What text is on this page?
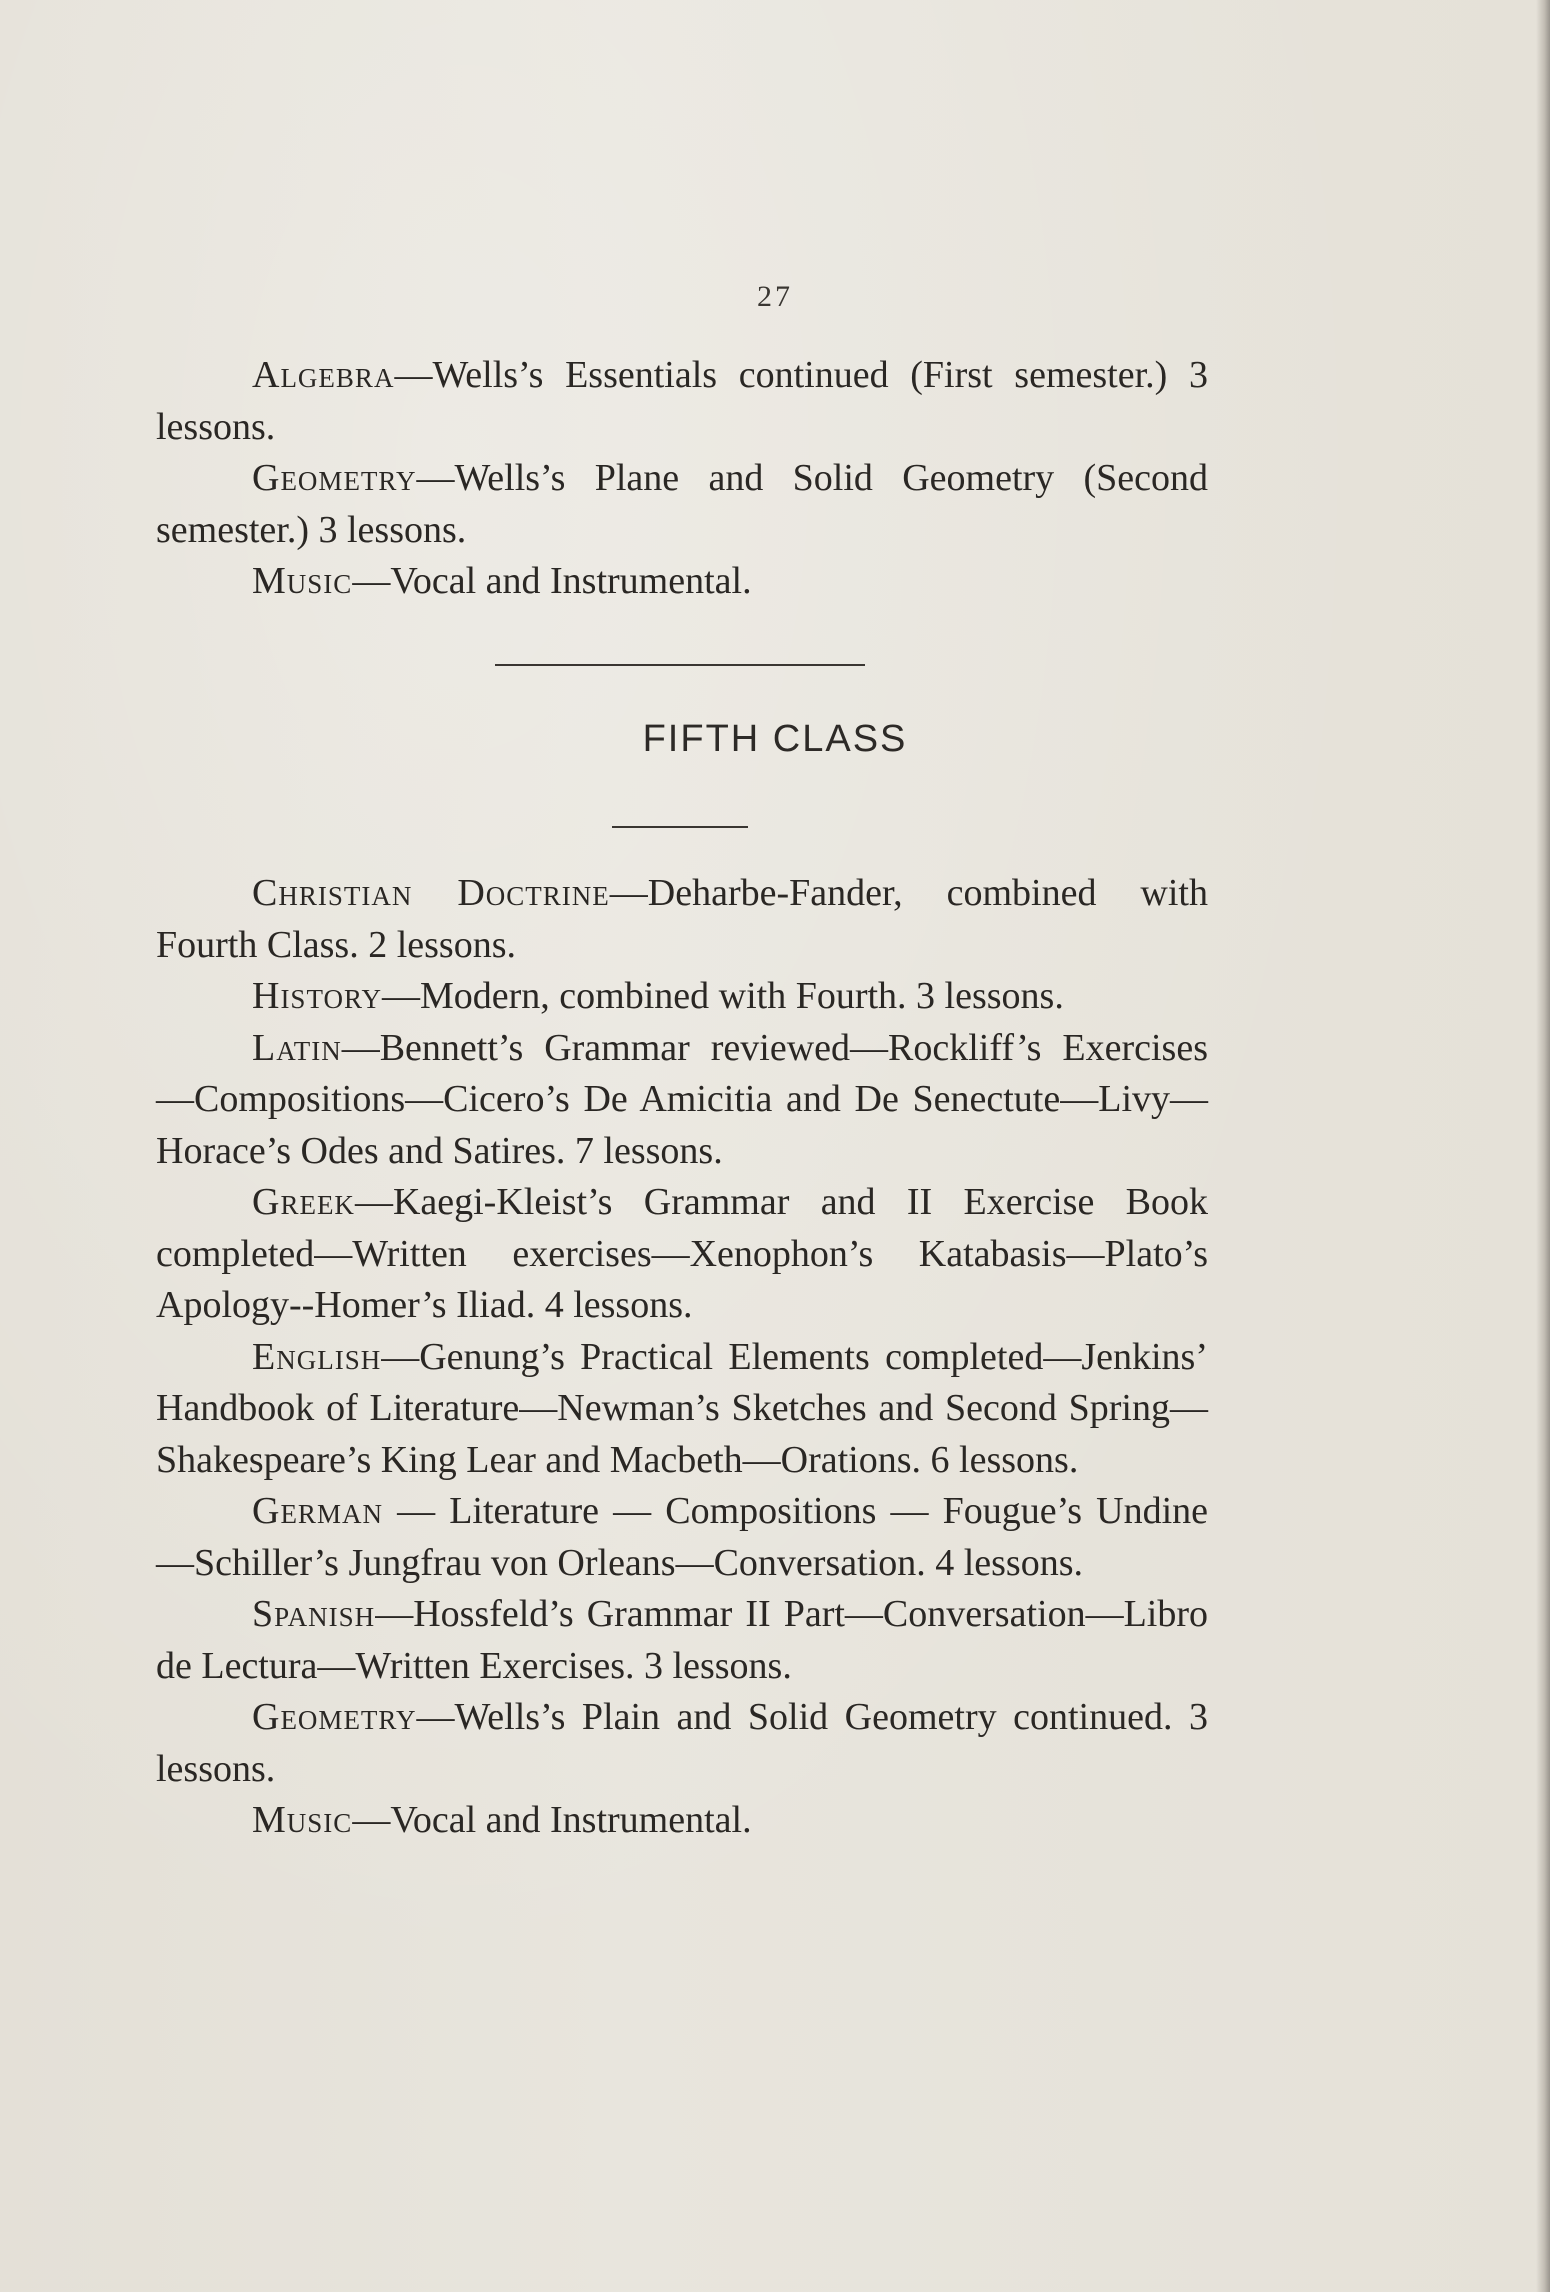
27

Algebra—Wells’s Essentials continued (First semester.) 3 lessons.

Geometry—Wells’s Plane and Solid Geometry (Second semester.) 3 lessons.

Music—Vocal and Instrumental.

FIFTH CLASS

Christian Doctrine—Deharbe-Fander, combined with Fourth Class. 2 lessons.

History—Modern, combined with Fourth. 3 lessons.

Latin—Bennett’s Grammar reviewed—Rockliff’s Exercises—Compositions—Cicero’s De Amicitia and De Senectute—Livy—Horace’s Odes and Satires. 7 lessons.

Greek—Kaegi-Kleist’s Grammar and II Exercise Book completed—Written exercises—Xenophon’s Katabasis—Plato’s Apology--Homer’s Iliad. 4 lessons.

English—Genung’s Practical Elements completed—Jenkins’ Handbook of Literature—Newman’s Sketches and Second Spring—Shakespeare’s King Lear and Macbeth—Orations. 6 lessons.

German — Literature — Compositions — Fougue’s Undine—Schiller’s Jungfrau von Orleans—Conversation. 4 lessons.

Spanish—Hossfeld’s Grammar II Part—Conversation—Libro de Lectura—Written Exercises. 3 lessons.

Geometry—Wells’s Plain and Solid Geometry continued. 3 lessons.

Music—Vocal and Instrumental.
